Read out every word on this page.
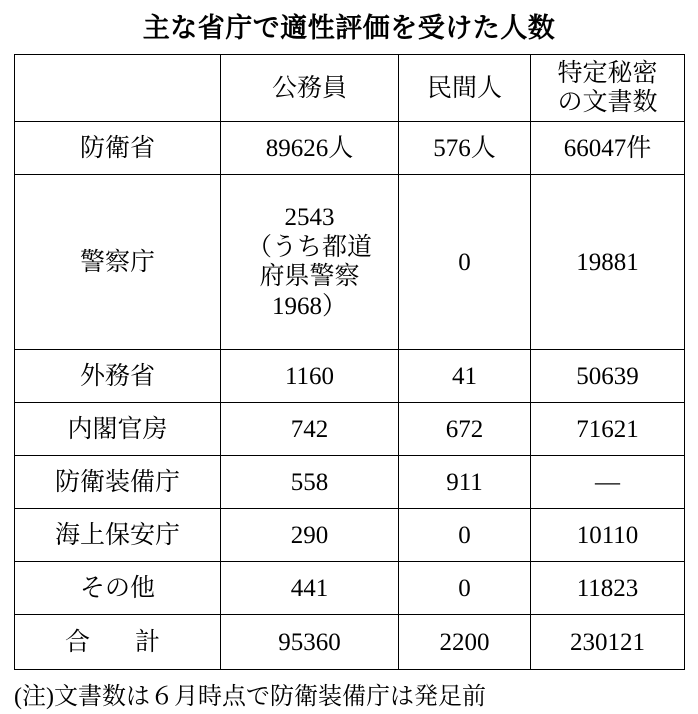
主な省庁で適性評価を受けた人数
	公務員	民間人	特定秘密
の文書数

防衛省	89626人	576人	66047件
警察庁	2543
（うち都道
府県警察
1968）	0	19881
外務省	1160	41	50639
内閣官房	742	672	71621
防衛装備庁	558	911	―
海上保安庁	290	0	10110
その他	441	0	11823
合　計	95360	2200	230121
(注)文書数は６月時点で防衛装備庁は発足前
